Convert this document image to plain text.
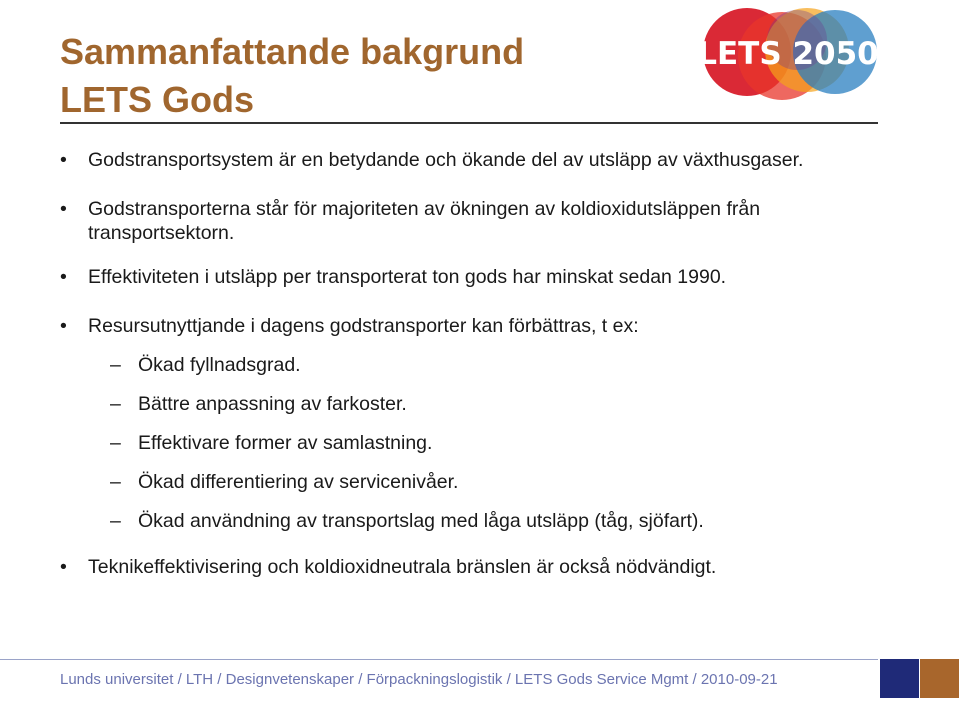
Sammanfattande bakgrund
LETS Gods
LETS 2050
•	Godstransportsystem är en betydande och ökande del av utsläpp av växthusgaser.
•	Godstransporterna står för majoriteten av ökningen av koldioxidutsläppen från transportsektorn.
•	Effektiviteten i utsläpp per transporterat ton gods har minskat sedan 1990.
•	Resursutnyttjande i dagens godstransporter kan förbättras, t ex:
– Ökad fyllnadsgrad.
– Bättre anpassning av farkoster.
– Effektivare former av samlastning.
– Ökad differentiering av servicenivåer.
– Ökad användning av transportslag med låga utsläpp (tåg, sjöfart).
•	Teknikeffektivisering och koldioxidneutrala bränslen är också nödvändigt.
Lunds universitet / LTH / Designvetenskaper / Förpackningslogistik / LETS Gods Service Mgmt / 2010-09-21
